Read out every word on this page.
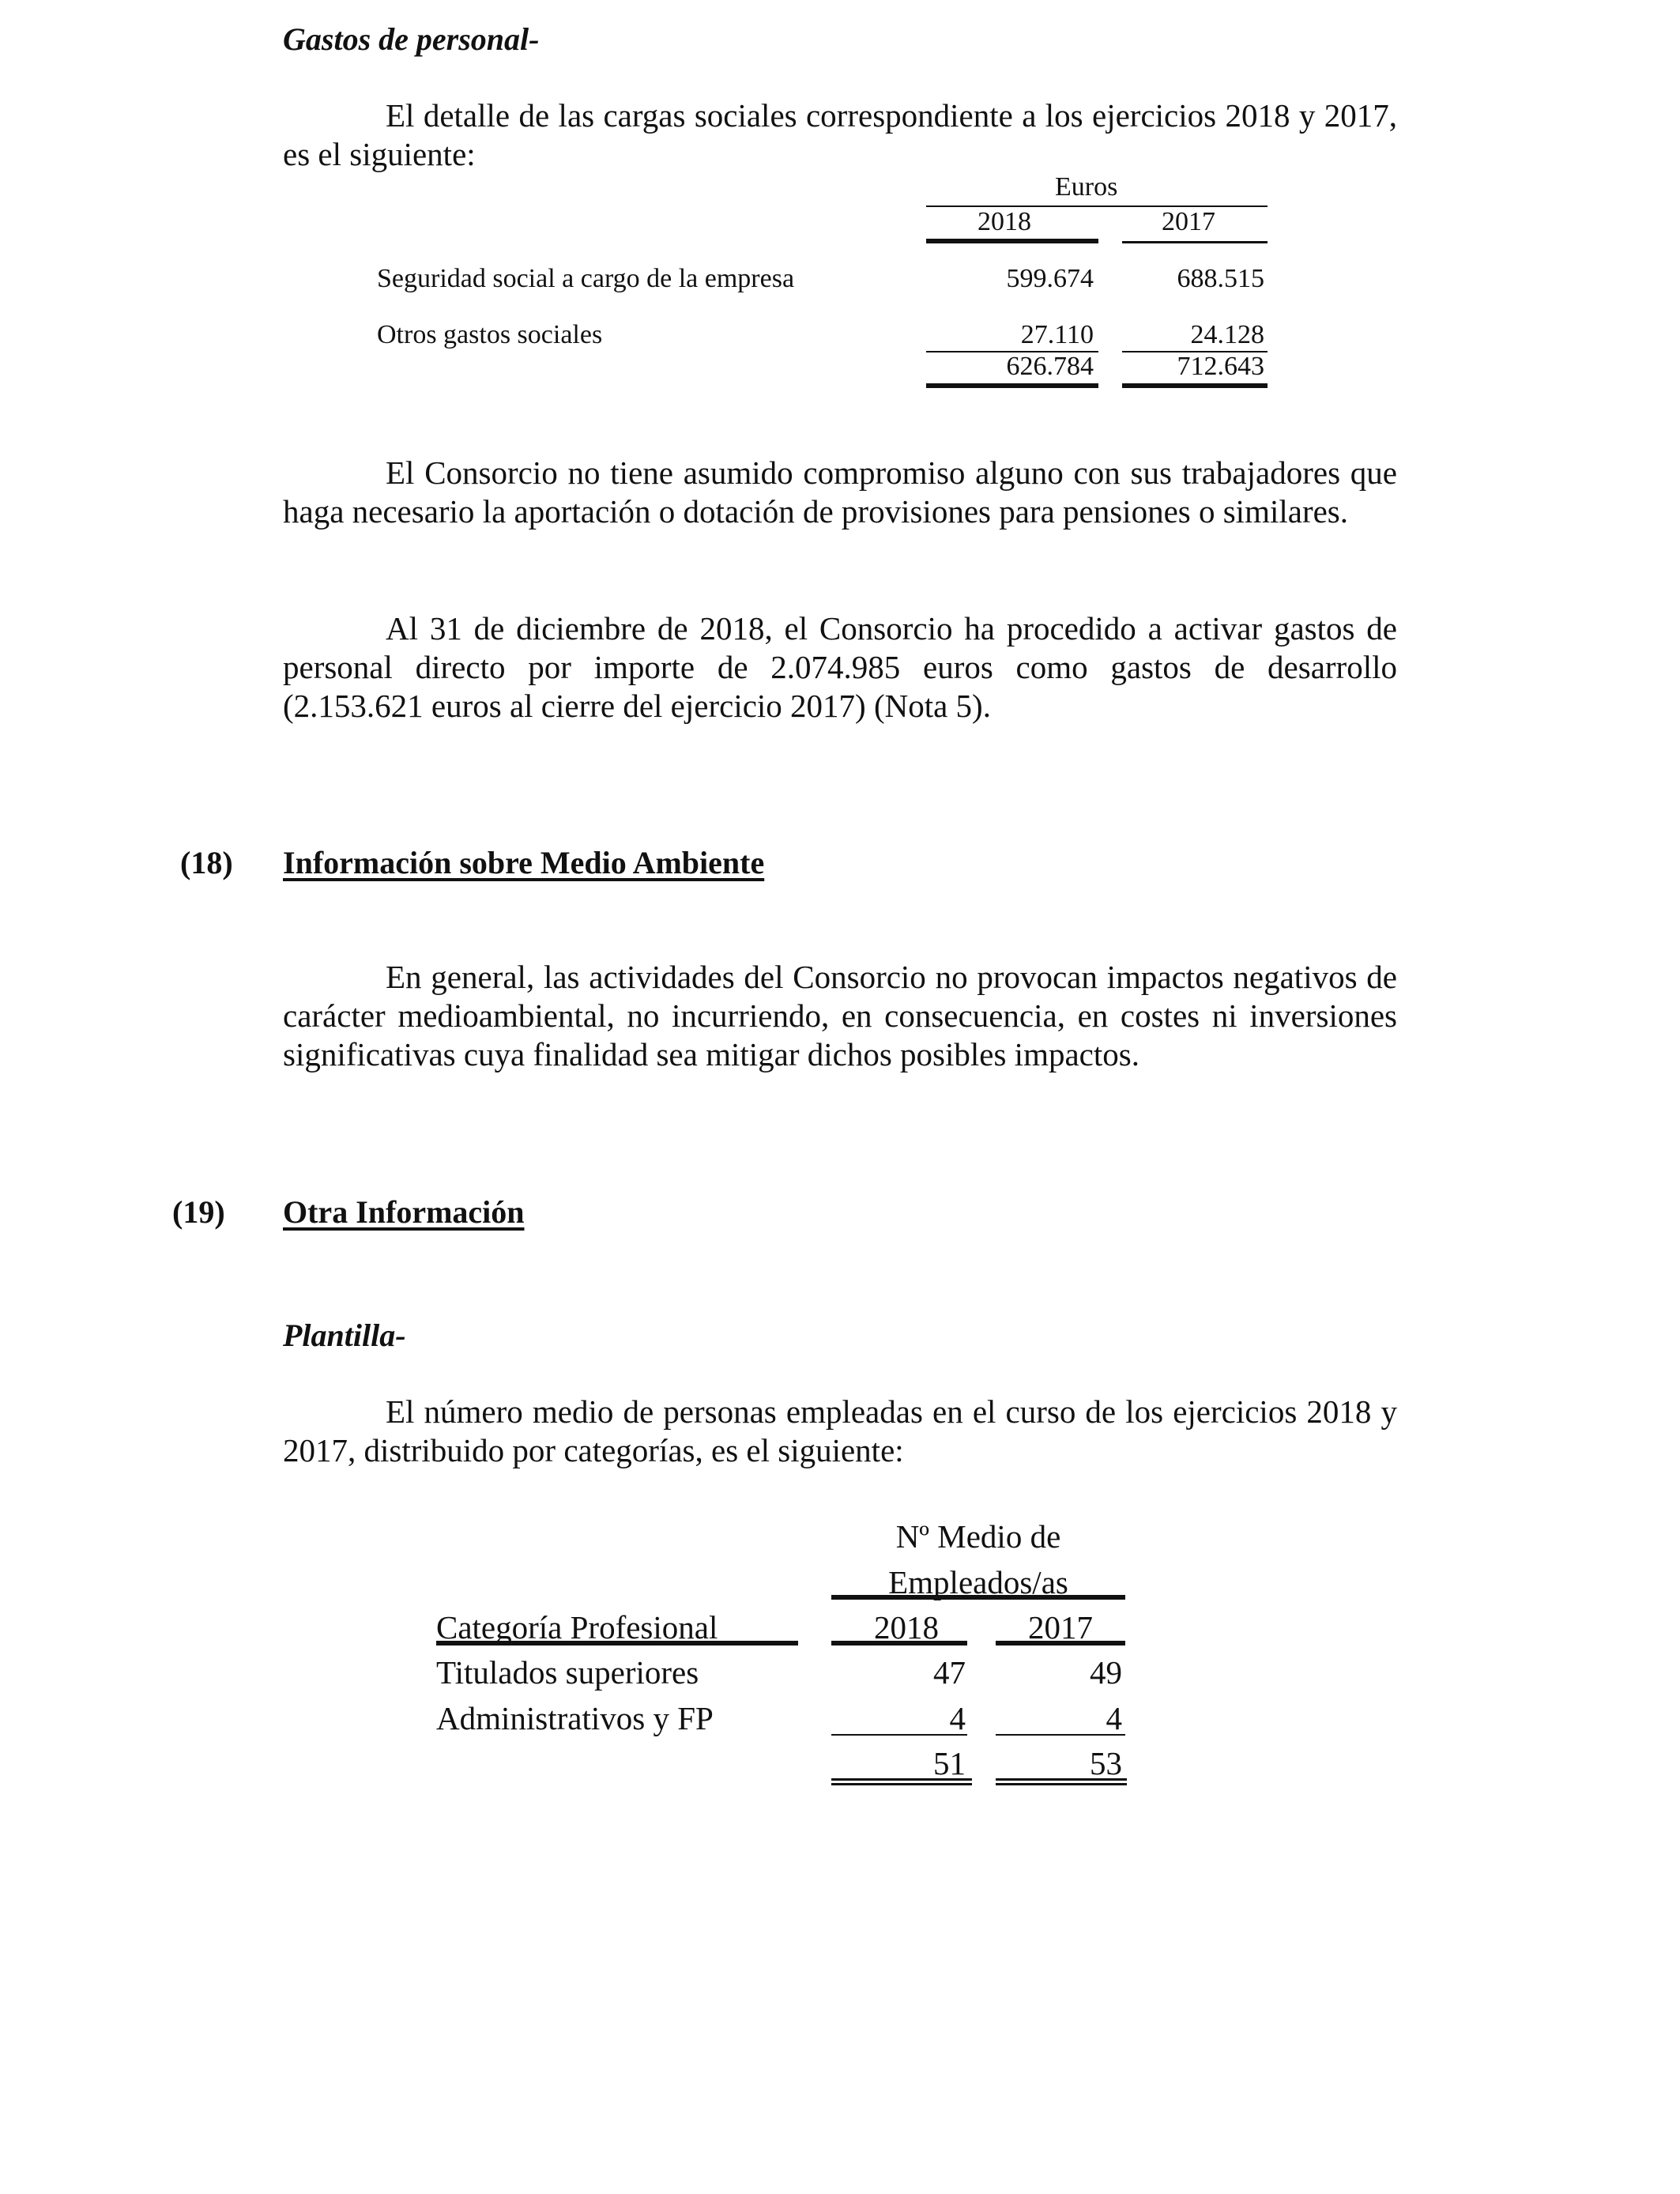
Gastos de personal-
El detalle de las cargas sociales correspondiente a los ejercicios 2018 y 2017, es el siguiente:
Euros
2018	2017
Seguridad social a cargo de la empresa	599.674	688.515
Otros gastos sociales	27.110	24.128
626.784	712.643
El Consorcio no tiene asumido compromiso alguno con sus trabajadores que haga necesario la aportación o dotación de provisiones para pensiones o similares.
Al 31 de diciembre de 2018, el Consorcio ha procedido a activar gastos de personal directo por importe de 2.074.985 euros como gastos de desarrollo (2.153.621 euros al cierre del ejercicio 2017) (Nota 5).
(18) Información sobre Medio Ambiente
En general, las actividades del Consorcio no provocan impactos negativos de carácter medioambiental, no incurriendo, en consecuencia, en costes ni inversiones significativas cuya finalidad sea mitigar dichos posibles impactos.
(19) Otra Información
Plantilla-
El número medio de personas empleadas en el curso de los ejercicios 2018 y 2017, distribuido por categorías, es el siguiente:
Nº Medio de
Empleados/as
Categoría Profesional	2018	2017
Titulados superiores	47	49
Administrativos y FP	4	4
51	53
